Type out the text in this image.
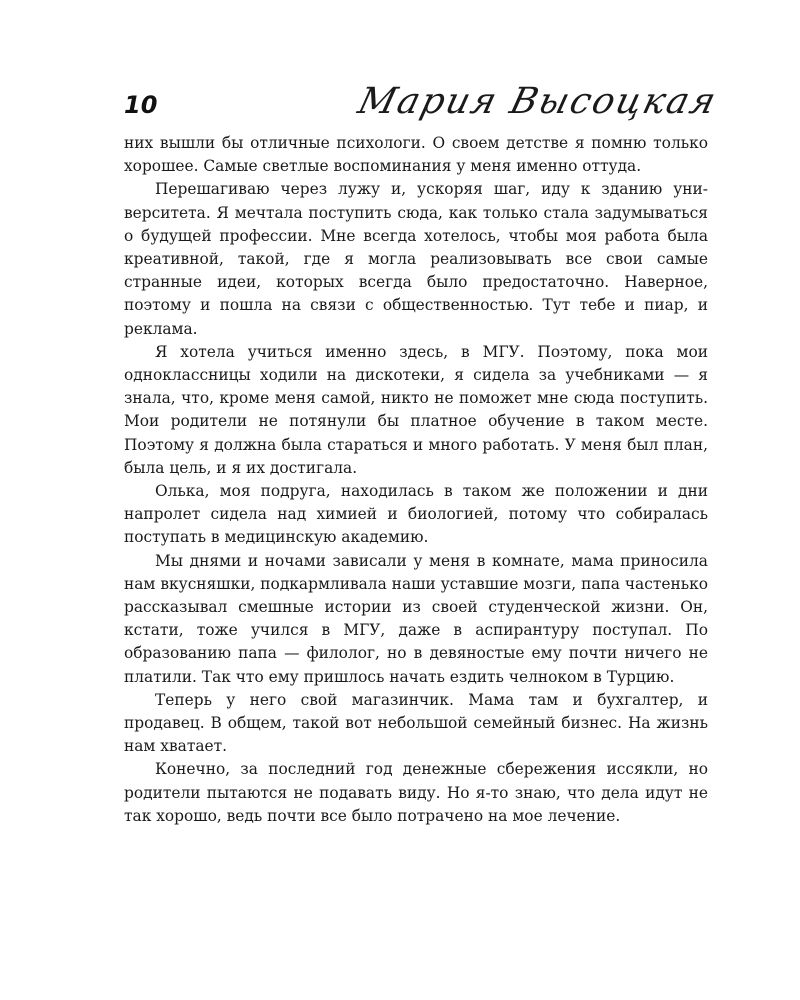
10	Мария Высоцкая

них вышли бы отличные психологи. О своем детстве я помню только хорошее. Самые светлые воспоминания у меня именно оттуда.

Перешагиваю через лужу и, ускоряя шаг, иду к зданию университета. Я мечтала поступить сюда, как только стала задумываться о будущей профессии. Мне всегда хотелось, чтобы моя работа была креативной, такой, где я могла реализовывать все свои самые странные идеи, которых всегда было предостаточно. Наверное, поэтому и пошла на связи с общественностью. Тут тебе и пиар, и реклама.

Я хотела учиться именно здесь, в МГУ. Поэтому, пока мои одноклассницы ходили на дискотеки, я сидела за учебниками — я знала, что, кроме меня самой, никто не поможет мне сюда поступить. Мои родители не потянули бы платное обучение в таком месте. Поэтому я должна была стараться и много работать. У меня был план, была цель, и я их достигала.

Олька, моя подруга, находилась в таком же положении и дни напролет сидела над химией и биологией, потому что собиралась поступать в медицинскую академию.

Мы днями и ночами зависали у меня в комнате, мама приносила нам вкусняшки, подкармливала наши уставшие мозги, папа частенько рассказывал смешные истории из своей студенческой жизни. Он, кстати, тоже учился в МГУ, даже в аспирантуру поступал. По образованию папа — филолог, но в девяностые ему почти ничего не платили. Так что ему пришлось начать ездить челноком в Турцию.

Теперь у него свой магазинчик. Мама там и бухгалтер, и продавец. В общем, такой вот небольшой семейный бизнес. На жизнь нам хватает.

Конечно, за последний год денежные сбережения иссякли, но родители пытаются не подавать виду. Но я-то знаю, что дела идут не так хорошо, ведь почти все было потрачено на мое лечение.
